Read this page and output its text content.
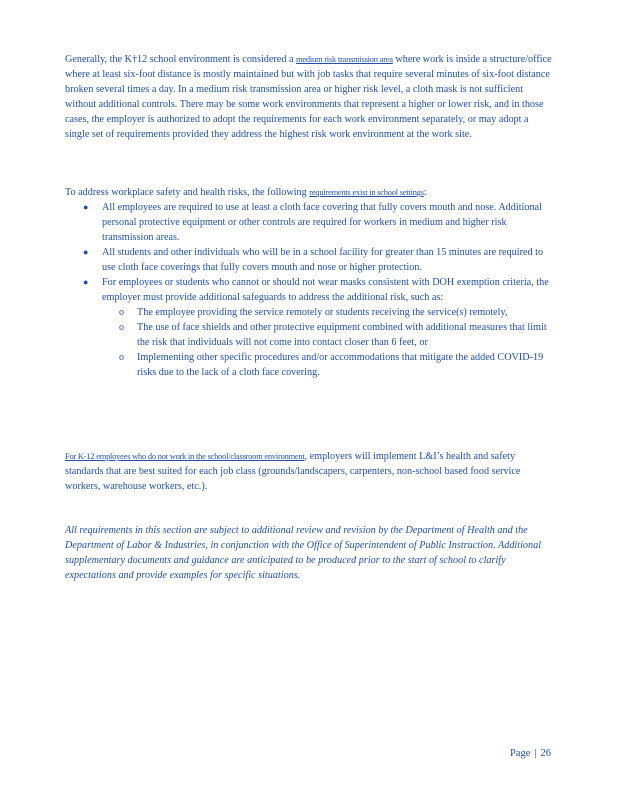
Generally, the K†12 school environment is considered a medium risk transmission area where work is inside a structure/office where at least six-foot distance is mostly maintained but with job tasks that require several minutes of six-foot distance broken several times a day. In a medium risk transmission area or higher risk level, a cloth mask is not sufficient without additional controls. There may be some work environments that represent a higher or lower risk, and in those cases, the employer is authorized to adopt the requirements for each work environment separately, or may adopt a single set of requirements provided they address the highest risk work environment at the work site.
To address workplace safety and health risks, the following requirements exist in school settings:
● All employees are required to use at least a cloth face covering that fully covers mouth and nose. Additional personal protective equipment or other controls are required for workers in medium and higher risk transmission areas.
● All students and other individuals who will be in a school facility for greater than 15 minutes are required to use cloth face coverings that fully covers mouth and nose or higher protection.
● For employees or students who cannot or should not wear masks consistent with DOH exemption criteria, the employer must provide additional safeguards to address the additional risk, such as:
o The employee providing the service remotely or students receiving the service(s) remotely,
o The use of face shields and other protective equipment combined with additional measures that limit the risk that individuals will not come into contact closer than 6 feet, or
o Implementing other specific procedures and/or accommodations that mitigate the added COVID-19 risks due to the lack of a cloth face covering.
For K‐12 employees who do not work in the school/classroom environment, employers will implement L&I’s health and safety standards that are best suited for each job class (grounds/landscapers, carpenters, non-school based food service workers, warehouse workers, etc.).
All requirements in this section are subject to additional review and revision by the Department of Health and the Department of Labor & Industries, in conjunction with the Office of Superintendent of Public Instruction. Additional supplementary documents and guidance are anticipated to be produced prior to the start of school to clarify expectations and provide examples for specific situations.
Page | 26
